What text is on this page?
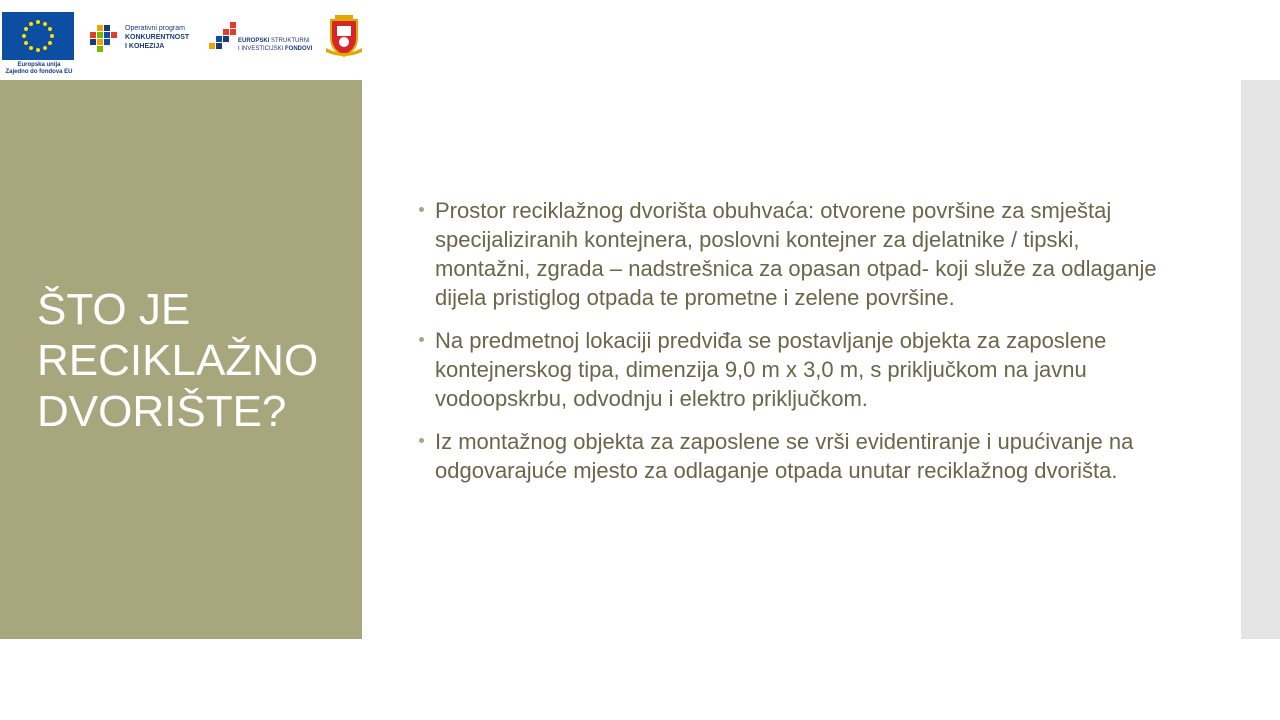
Europska unija
Zajedno do fondova EU
Operativni program
KONKURENTNOST
I KOHEZIJA
EUROPSKI STRUKTURNI
I INVESTICIJSKI FONDOVI
ŠTO JE RECIKLAŽNO DVORIŠTE?

Prostor reciklažnog dvorišta obuhvaća: otvorene površine za smještaj specijaliziranih kontejnera, poslovni kontejner za djelatnike / tipski, montažni, zgrada – nadstrešnica za opasan otpad- koji služe za odlaganje dijela pristiglog otpada te prometne i zelene površine.

Na predmetnoj lokaciji predviđa se postavljanje objekta za zaposlene kontejnerskog tipa, dimenzija 9,0 m x 3,0 m, s priključkom na javnu vodoopskrbu, odvodnju i elektro priključkom.

Iz montažnog objekta za zaposlene se vrši evidentiranje i upućivanje na odgovarajuće mjesto za odlaganje otpada unutar reciklažnog dvorišta.
